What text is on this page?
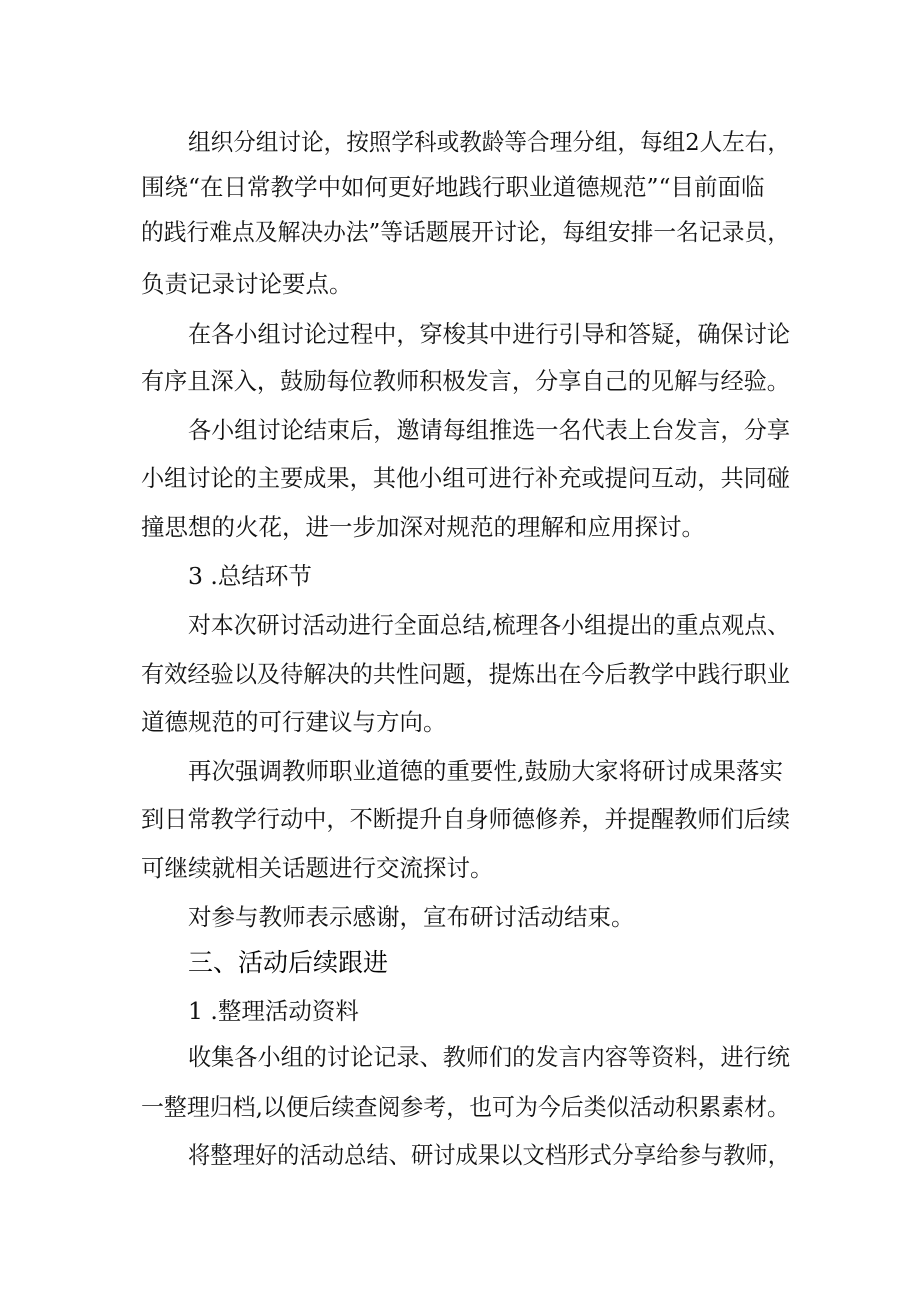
组织分组讨论，按照学科或教龄等合理分组，每组2人左右，
围绕“在日常教学中如何更好地践行职业道德规范”“目前面临
的践行难点及解决办法”等话题展开讨论，每组安排一名记录员，
负责记录讨论要点。
在各小组讨论过程中，穿梭其中进行引导和答疑，确保讨论
有序且深入，鼓励每位教师积极发言，分享自己的见解与经验。
各小组讨论结束后，邀请每组推选一名代表上台发言，分享
小组讨论的主要成果，其他小组可进行补充或提问互动，共同碰
撞思想的火花，进一步加深对规范的理解和应用探讨。
3 .总结环节
对本次研讨活动进行全面总结,梳理各小组提出的重点观点、
有效经验以及待解决的共性问题，提炼出在今后教学中践行职业
道德规范的可行建议与方向。
再次强调教师职业道德的重要性,鼓励大家将研讨成果落实
到日常教学行动中，不断提升自身师德修养，并提醒教师们后续
可继续就相关话题进行交流探讨。
对参与教师表示感谢，宣布研讨活动结束。
三、活动后续跟进
1 .整理活动资料
收集各小组的讨论记录、教师们的发言内容等资料，进行统
一整理归档,以便后续查阅参考，也可为今后类似活动积累素材。
将整理好的活动总结、研讨成果以文档形式分享给参与教师，
